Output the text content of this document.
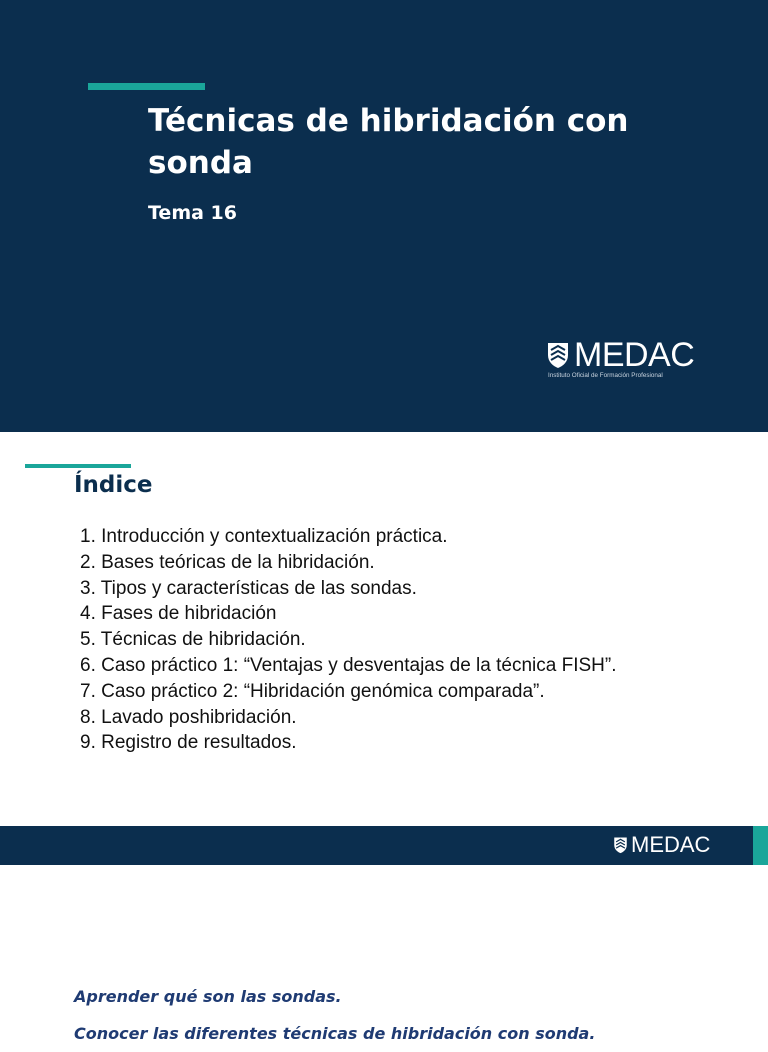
Técnicas de hibridación con sonda
Tema 16
MEDAC
Instituto Oficial de Formación Profesional
Índice
1. Introducción y contextualización práctica.
2. Bases teóricas de la hibridación.
3. Tipos y características de las sondas.
4. Fases de hibridación
5. Técnicas de hibridación.
6. Caso práctico 1: “Ventajas y desventajas de la técnica FISH”.
7. Caso práctico 2: “Hibridación genómica comparada”.
8. Lavado poshibridación.
9. Registro de resultados.
MEDAC
Aprender qué son las sondas.
Conocer las diferentes técnicas de hibridación con sonda.
